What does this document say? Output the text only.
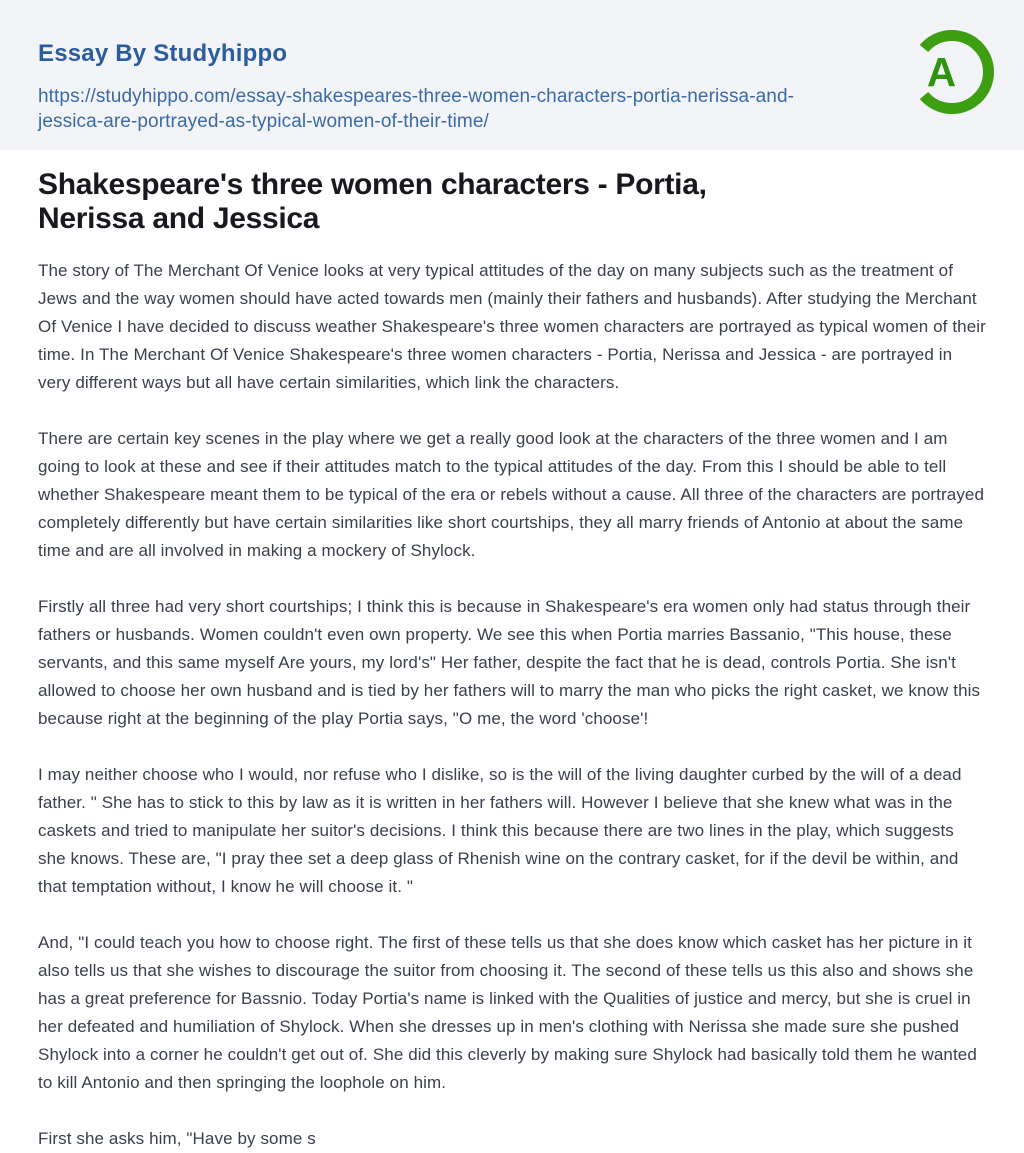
Essay By Studyhippo
https://studyhippo.com/essay-shakespeares-three-women-characters-portia-nerissa-and-
jessica-are-portrayed-as-typical-women-of-their-time/
A
Shakespeare's three women characters - Portia,
Nerissa and Jessica

The story of The Merchant Of Venice looks at very typical attitudes of the day on many subjects such as the treatment of Jews and the way women should have acted towards men (mainly their fathers and husbands). After studying the Merchant Of Venice I have decided to discuss weather Shakespeare's three women characters are portrayed as typical women of their time. In The Merchant Of Venice Shakespeare's three women characters - Portia, Nerissa and Jessica - are portrayed in very different ways but all have certain similarities, which link the characters.

There are certain key scenes in the play where we get a really good look at the characters of the three women and I am going to look at these and see if their attitudes match to the typical attitudes of the day. From this I should be able to tell whether Shakespeare meant them to be typical of the era or rebels without a cause. All three of the characters are portrayed completely differently but have certain similarities like short courtships, they all marry friends of Antonio at about the same time and are all involved in making a mockery of Shylock.

Firstly all three had very short courtships; I think this is because in Shakespeare's era women only had status through their fathers or husbands. Women couldn't even own property. We see this when Portia marries Bassanio, "This house, these servants, and this same myself Are yours, my lord's" Her father, despite the fact that he is dead, controls Portia. She isn't allowed to choose her own husband and is tied by her fathers will to marry the man who picks the right casket, we know this because right at the beginning of the play Portia says, "O me, the word 'choose'!

I may neither choose who I would, nor refuse who I dislike, so is the will of the living daughter curbed by the will of a dead father. " She has to stick to this by law as it is written in her fathers will. However I believe that she knew what was in the caskets and tried to manipulate her suitor's decisions. I think this because there are two lines in the play, which suggests she knows. These are, "I pray thee set a deep glass of Rhenish wine on the contrary casket, for if the devil be within, and that temptation without, I know he will choose it. "

And, "I could teach you how to choose right. The first of these tells us that she does know which casket has her picture in it also tells us that she wishes to discourage the suitor from choosing it. The second of these tells us this also and shows she has a great preference for Bassnio. Today Portia's name is linked with the Qualities of justice and mercy, but she is cruel in her defeated and humiliation of Shylock. When she dresses up in men's clothing with Nerissa she made sure she pushed Shylock into a corner he couldn't get out of. She did this cleverly by making sure Shylock had basically told them he wanted to kill Antonio and then springing the loophole on him.

First she asks him, "Have by some s
